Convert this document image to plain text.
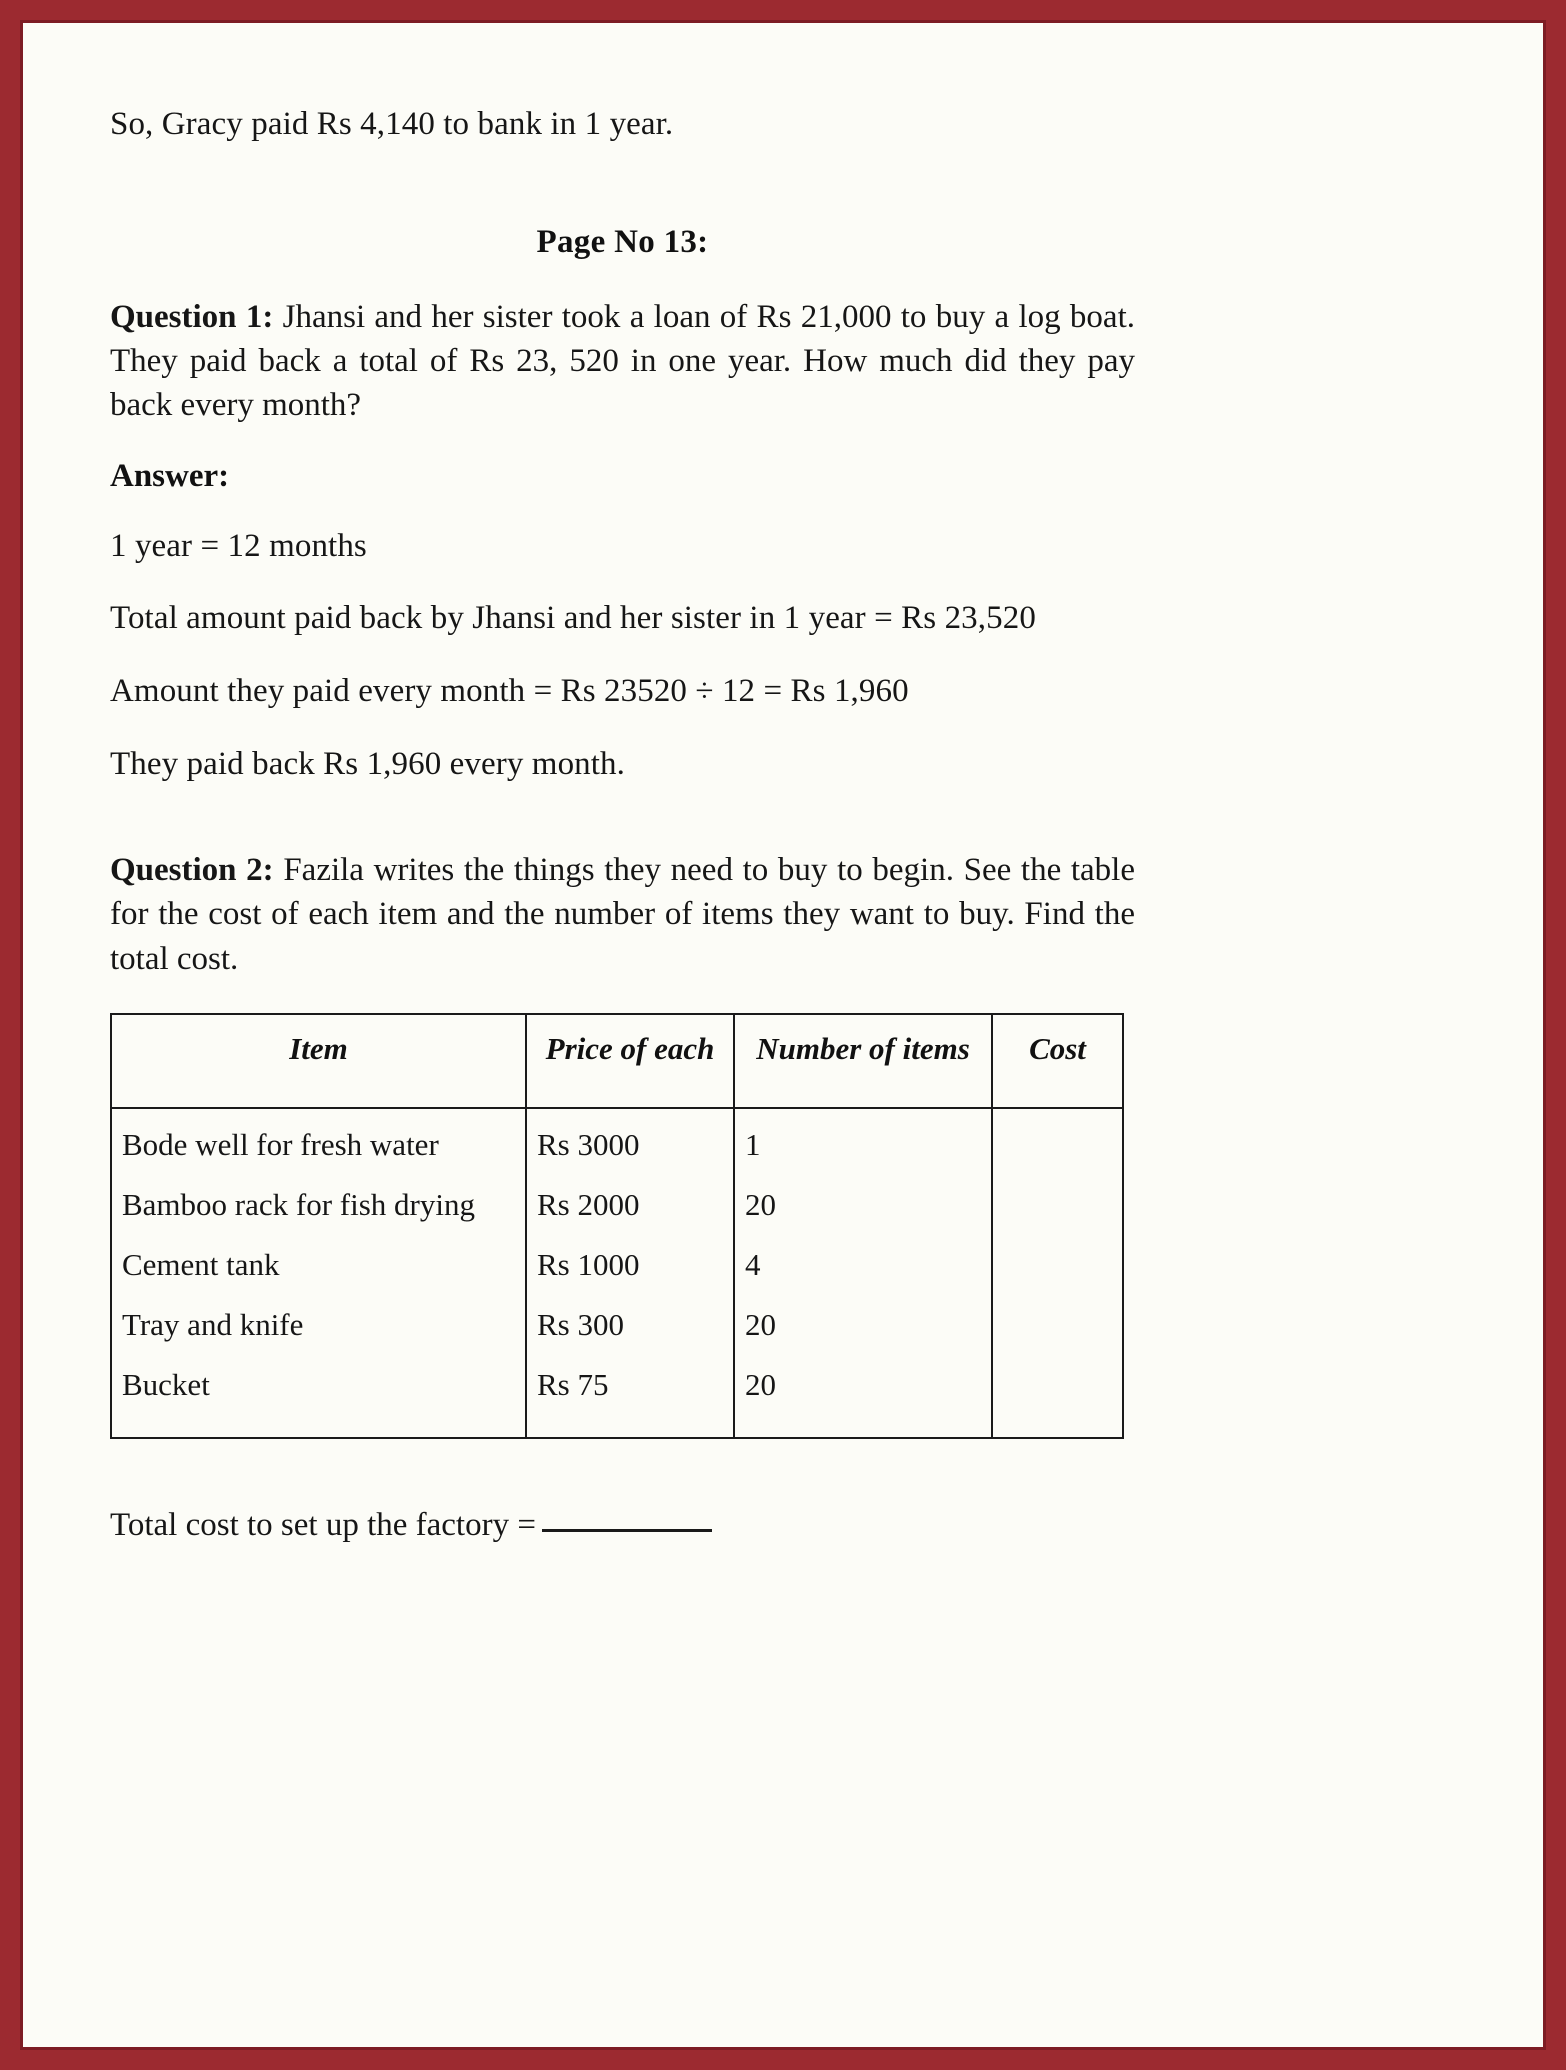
So, Gracy paid Rs 4,140 to bank in 1 year.
Page No 13:
Question 1: Jhansi and her sister took a loan of Rs 21,000 to buy a log boat. They paid back a total of Rs 23, 520 in one year. How much did they pay back every month?
Answer:
1 year = 12 months
Total amount paid back by Jhansi and her sister in 1 year = Rs 23,520
Amount they paid every month = Rs 23520 ÷ 12 = Rs 1,960
They paid back Rs 1,960 every month.
Question 2: Fazila writes the things they need to buy to begin. See the table for the cost of each item and the number of items they want to buy. Find the total cost.
Item	Price of each	Number of items	Cost
Bode well for fresh water	Rs 3000	1	
Bamboo rack for fish drying	Rs 2000	20	
Cement tank	Rs 1000	4	
Tray and knife	Rs 300	20	
Bucket	Rs 75	20	
Total cost to set up the factory =
